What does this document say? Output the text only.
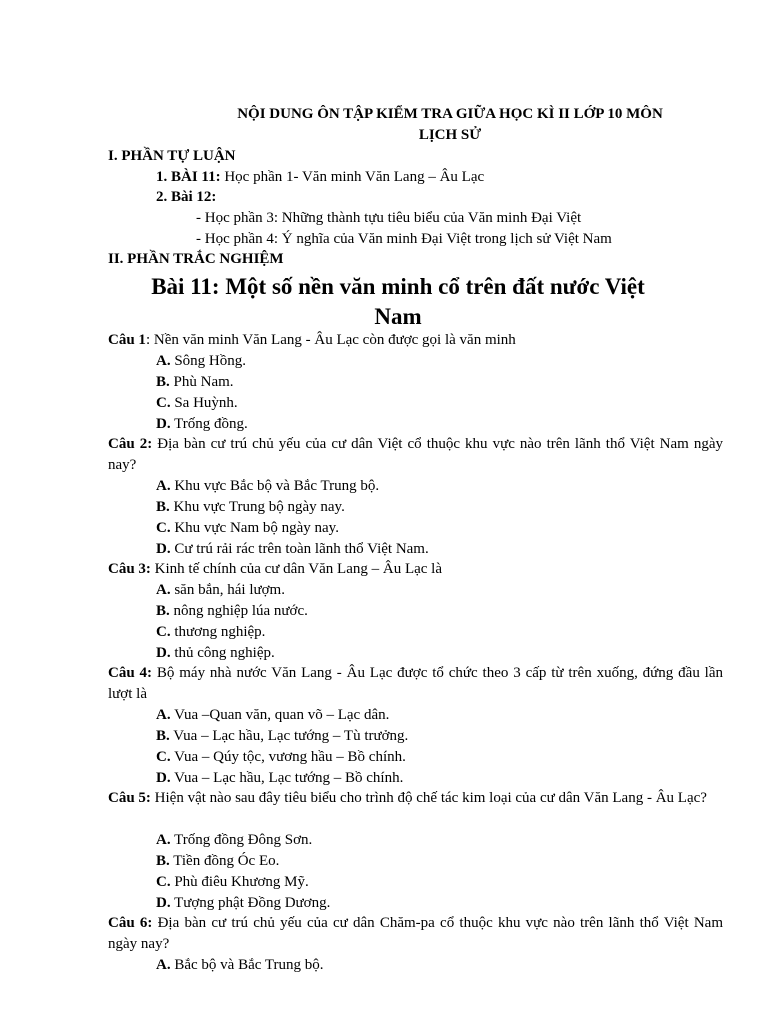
NỘI DUNG ÔN TẬP KIỂM TRA GIỮA HỌC KÌ II LỚP 10 MÔN
LỊCH SỬ
I. PHẦN TỰ LUẬN
1. BÀI 11: Học phần 1- Văn minh Văn Lang – Âu Lạc
2. Bài 12:
- Học phần 3: Những thành tựu tiêu biểu của Văn minh Đại Việt
- Học phần 4: Ý nghĩa của Văn minh Đại Việt trong lịch sử Việt Nam
II. PHẦN TRẮC NGHIỆM
Bài 11: Một số nền văn minh cổ trên đất nước Việt
Nam
Câu 1: Nền văn minh Văn Lang - Âu Lạc còn được gọi là văn minh
A. Sông Hồng.
B. Phù Nam.
C. Sa Huỳnh.
D. Trống đồng.
Câu 2: Địa bàn cư trú chủ yếu của cư dân Việt cổ thuộc khu vực nào trên lãnh thổ Việt Nam ngày nay?
A. Khu vực Bắc bộ và Bắc Trung bộ.
B. Khu vực Trung bộ ngày nay.
C. Khu vực Nam bộ ngày nay.
D. Cư trú rải rác trên toàn lãnh thổ Việt Nam.
Câu 3: Kinh tế chính của cư dân Văn Lang – Âu Lạc là
A. săn bắn, hái lượm.
B. nông nghiệp lúa nước.
C. thương nghiệp.
D. thủ công nghiệp.
Câu 4: Bộ máy nhà nước Văn Lang - Âu Lạc được tổ chức theo 3 cấp từ trên xuống, đứng đầu lần lượt là
A. Vua –Quan văn, quan võ – Lạc dân.
B. Vua – Lạc hầu, Lạc tướng – Tù trưởng.
C. Vua – Qúy tộc, vương hầu – Bồ chính.
D. Vua – Lạc hầu, Lạc tướng – Bồ chính.
Câu 5: Hiện vật nào sau đây tiêu biểu cho trình độ chế tác kim loại của cư dân Văn Lang - Âu Lạc?
A. Trống đồng Đông Sơn.
B. Tiền đồng Óc Eo.
C. Phù điêu Khương Mỹ.
D. Tượng phật Đồng Dương.
Câu 6: Địa bàn cư trú chủ yếu của cư dân Chăm-pa cổ thuộc khu vực nào trên lãnh thổ Việt Nam ngày nay?
A. Bắc bộ và Bắc Trung bộ.
